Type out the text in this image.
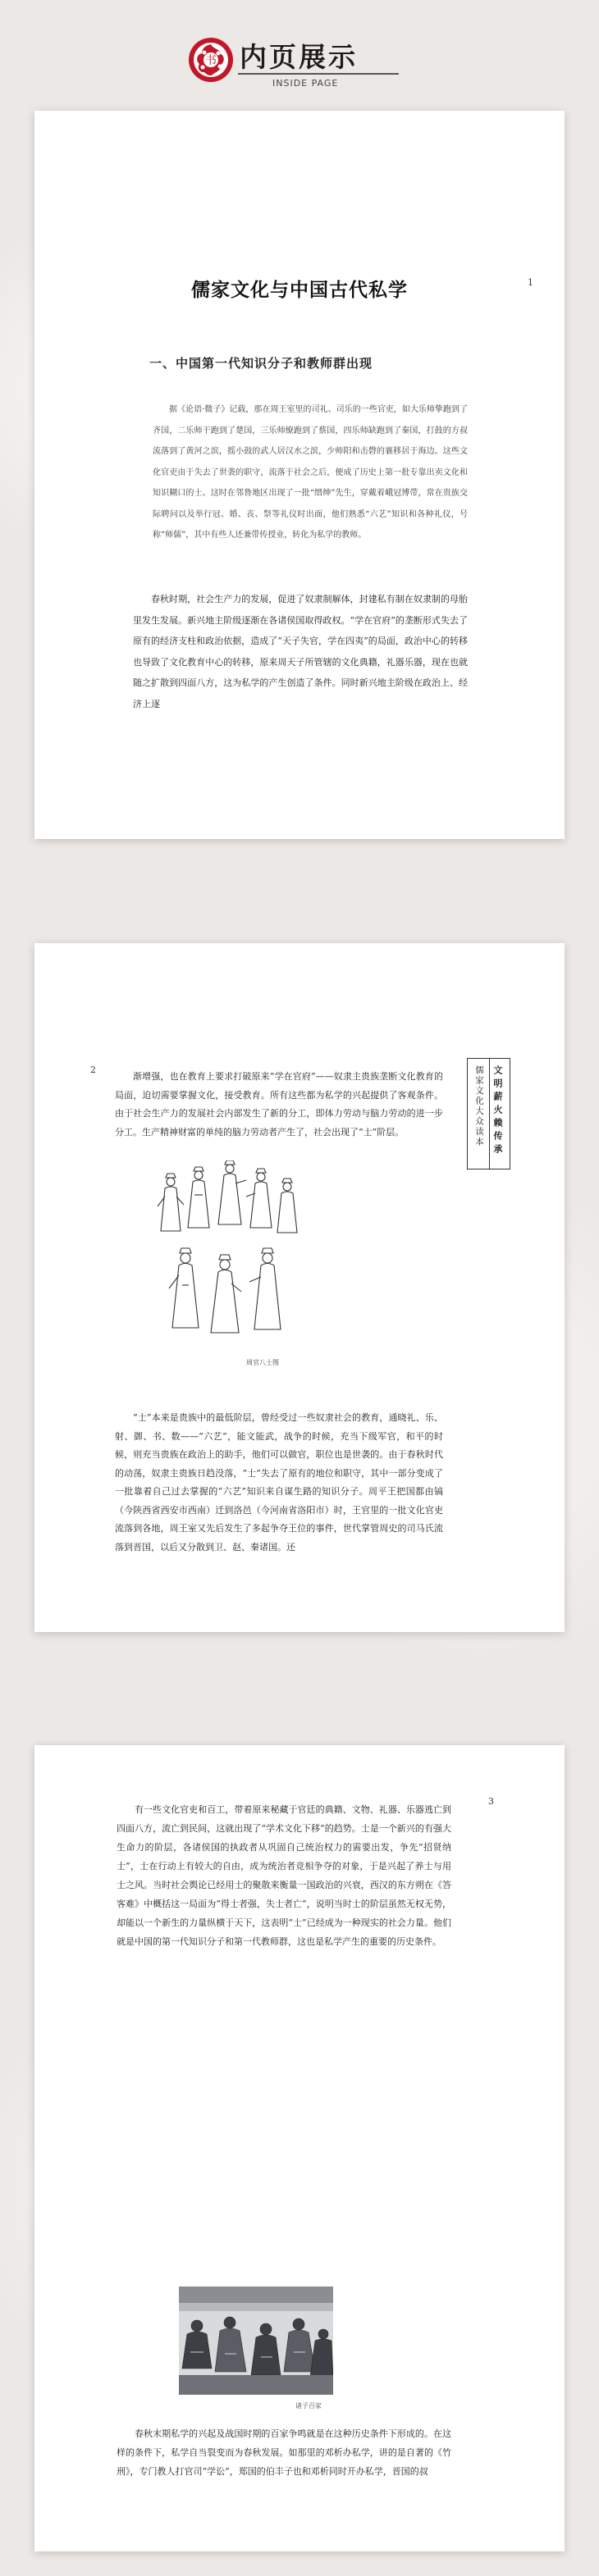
书 内页展示
INSIDE PAGE
1
儒家文化与中国古代私学
一、中国第一代知识分子和教师群出现

据《论语·微子》记载，那在周王室里的司礼、司乐的一些官吏，如大乐师挚跑到了齐国，二乐师干跑到了楚国，三乐师缭跑到了蔡国，四乐师缺跑到了秦国，打鼓的方叔流落到了黄河之滨，摇小鼓的武人居汉水之滨，少师阳和击磬的襄移居于海边。这些文化官吏由于失去了世袭的职守，流落于社会之后，便成了历史上第一批专靠出卖文化和知识糊口的士。这时在邻鲁地区出现了一批“缙绅”先生，穿戴着峨冠博带，常在贵族交际聘问以及举行冠、婚、丧、祭等礼仪时出面，他们熟悉“六艺”知识和各种礼仪，号称“师儒”，其中有些人还兼带传授业，转化为私学的教师。

春秋时期，社会生产力的发展，促进了奴隶制解体，封建私有制在奴隶制的母胎里发生发展。新兴地主阶级逐渐在各诸侯国取得政权。“学在官府”的垄断形式失去了原有的经济支柱和政治依据，造成了“天子失官，学在四夷”的局面，政治中心的转移也导致了文化教育中心的转移，原来周天子所管辖的文化典籍，礼器乐器，现在也就随之扩散到四面八方，这为私学的产生创造了条件。同时新兴地主阶级在政治上、经济上逐

2	文明薪火赖传承
儒家文化大众读本

渐增强，也在教育上要求打破原来“学在官府”——奴隶主贵族垄断文化教育的局面，迫切需要掌握文化，接受教育。所有这些都为私学的兴起提供了客观条件。由于社会生产力的发展社会内部发生了新的分工，即体力劳动与脑力劳动的进一步分工。生产精神财富的单纯的脑力劳动者产生了，社会出现了“士”阶层。

周官八士图

“士”本来是贵族中的最低阶层，曾经受过一些奴隶社会的教育，通晓礼、乐、射、御、书、数——“六艺”，能文能武，战争的时候，充当下级军官，和平的时候，则充当贵族在政治上的助手，他们可以做官，职位也是世袭的。由于春秋时代的动荡，奴隶主贵族日趋没落，“士”失去了原有的地位和职守，其中一部分变成了一批靠着自己过去掌握的“六艺”知识来自谋生路的知识分子。周平王把国都由镐（今陕西省西安市西南）迁到洛邑（今河南省洛阳市）时，王官里的一批文化官吏流落到各地，周王室又先后发生了多起争夺王位的事件，世代掌管周史的司马氏流落到晋国，以后又分散到卫、赵、秦诸国。还

3

有一些文化官吏和百工，带着原来秘藏于官廷的典籍、文物、礼器、乐器逃亡到四面八方，流亡到民间，这就出现了“学术文化下移”的趋势。士是一个新兴的有强大生命力的阶层，各诸侯国的执政者从巩固自己统治权力的需要出发，争先“招贤纳士”，士在行动上有较大的自由，成为统治者竞相争夺的对象，于是兴起了养士与用士之风。当时社会舆论已经用士的聚散来衡量一国政治的兴衰，西汉的东方朔在《答客难》中概括这一局面为“得士者强，失士者亡”，说明当时士的阶层虽然无权无势，却能以一个新生的力量纵横于天下，这表明“士”已经成为一种现实的社会力量。他们就是中国的第一代知识分子和第一代教师群，这也是私学产生的重要的历史条件。

诸子百家

春秋末期私学的兴起及战国时期的百家争鸣就是在这种历史条件下形成的。在这样的条件下，私学自当裂变而为春秋发展。如那里的邓析办私学，讲的是自著的《竹刑》，专门教人打官司“学讼”，郑国的伯丰子也和邓析同时开办私学，晋国的叔
